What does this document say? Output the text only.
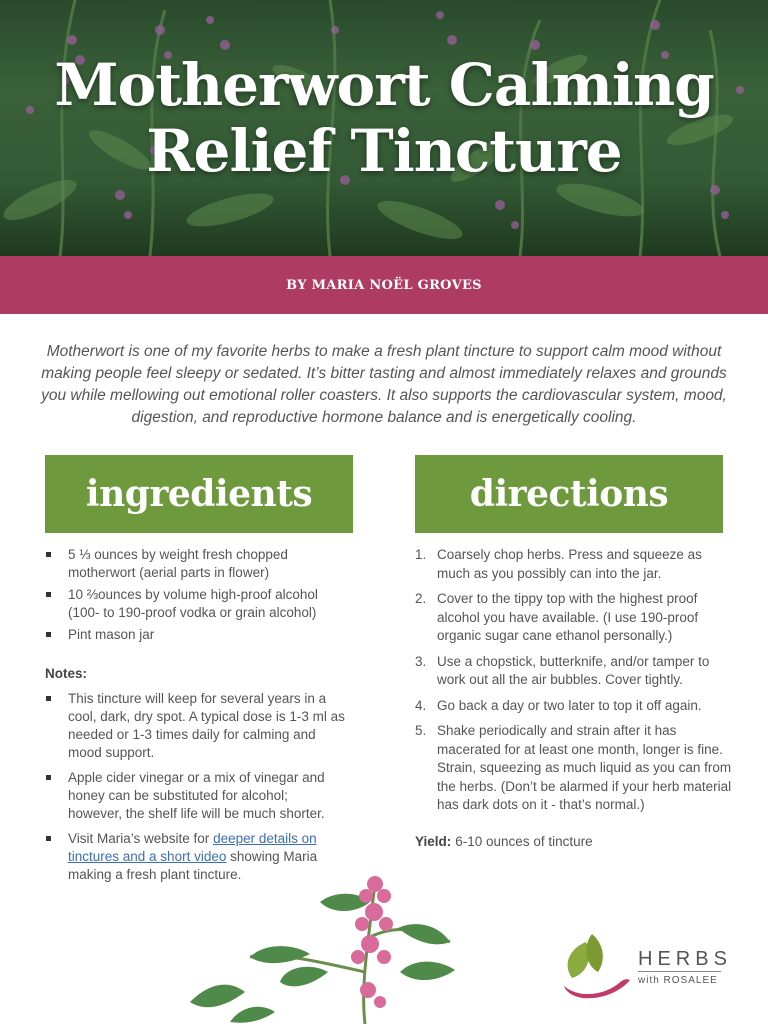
Motherwort Calming
Relief Tincture
BY MARIA NOËL GROVES

Motherwort is one of my favorite herbs to make a fresh plant tincture to support calm mood without making people feel sleepy or sedated. It’s bitter tasting and almost immediately relaxes and grounds you while mellowing out emotional roller coasters. It also supports the cardiovascular system, mood, digestion, and reproductive hormone balance and is energetically cooling.

ingredients
5 ⅓ ounces by weight fresh chopped motherwort (aerial parts in flower)
10 ⅔ounces by volume high-proof alcohol (100- to 190-proof vodka or grain alcohol)
Pint mason jar

Notes:

This tincture will keep for several years in a cool, dark, dry spot. A typical dose is 1-3 ml as needed or 1-3 times daily for calming and mood support.
Apple cider vinegar or a mix of vinegar and honey can be substituted for alcohol; however, the shelf life will be much shorter.
Visit Maria’s website for deeper details on tinctures and a short video showing Maria making a fresh plant tincture.
directions
1. Coarsely chop herbs. Press and squeeze as much as you possibly can into the jar.
2. Cover to the tippy top with the highest proof alcohol you have available. (I use 190-proof organic sugar cane ethanol personally.)
3. Use a chopstick, butterknife, and/or tamper to work out all the air bubbles. Cover tightly.
4. Go back a day or two later to top it off again.
5. Shake periodically and strain after it has macerated for at least one month, longer is fine. Strain, squeezing as much liquid as you can from the herbs. (Don’t be alarmed if your herb material has dark dots on it - that’s normal.)
Yield: 6-10 ounces of tincture
HERBS
with ROSALEE
